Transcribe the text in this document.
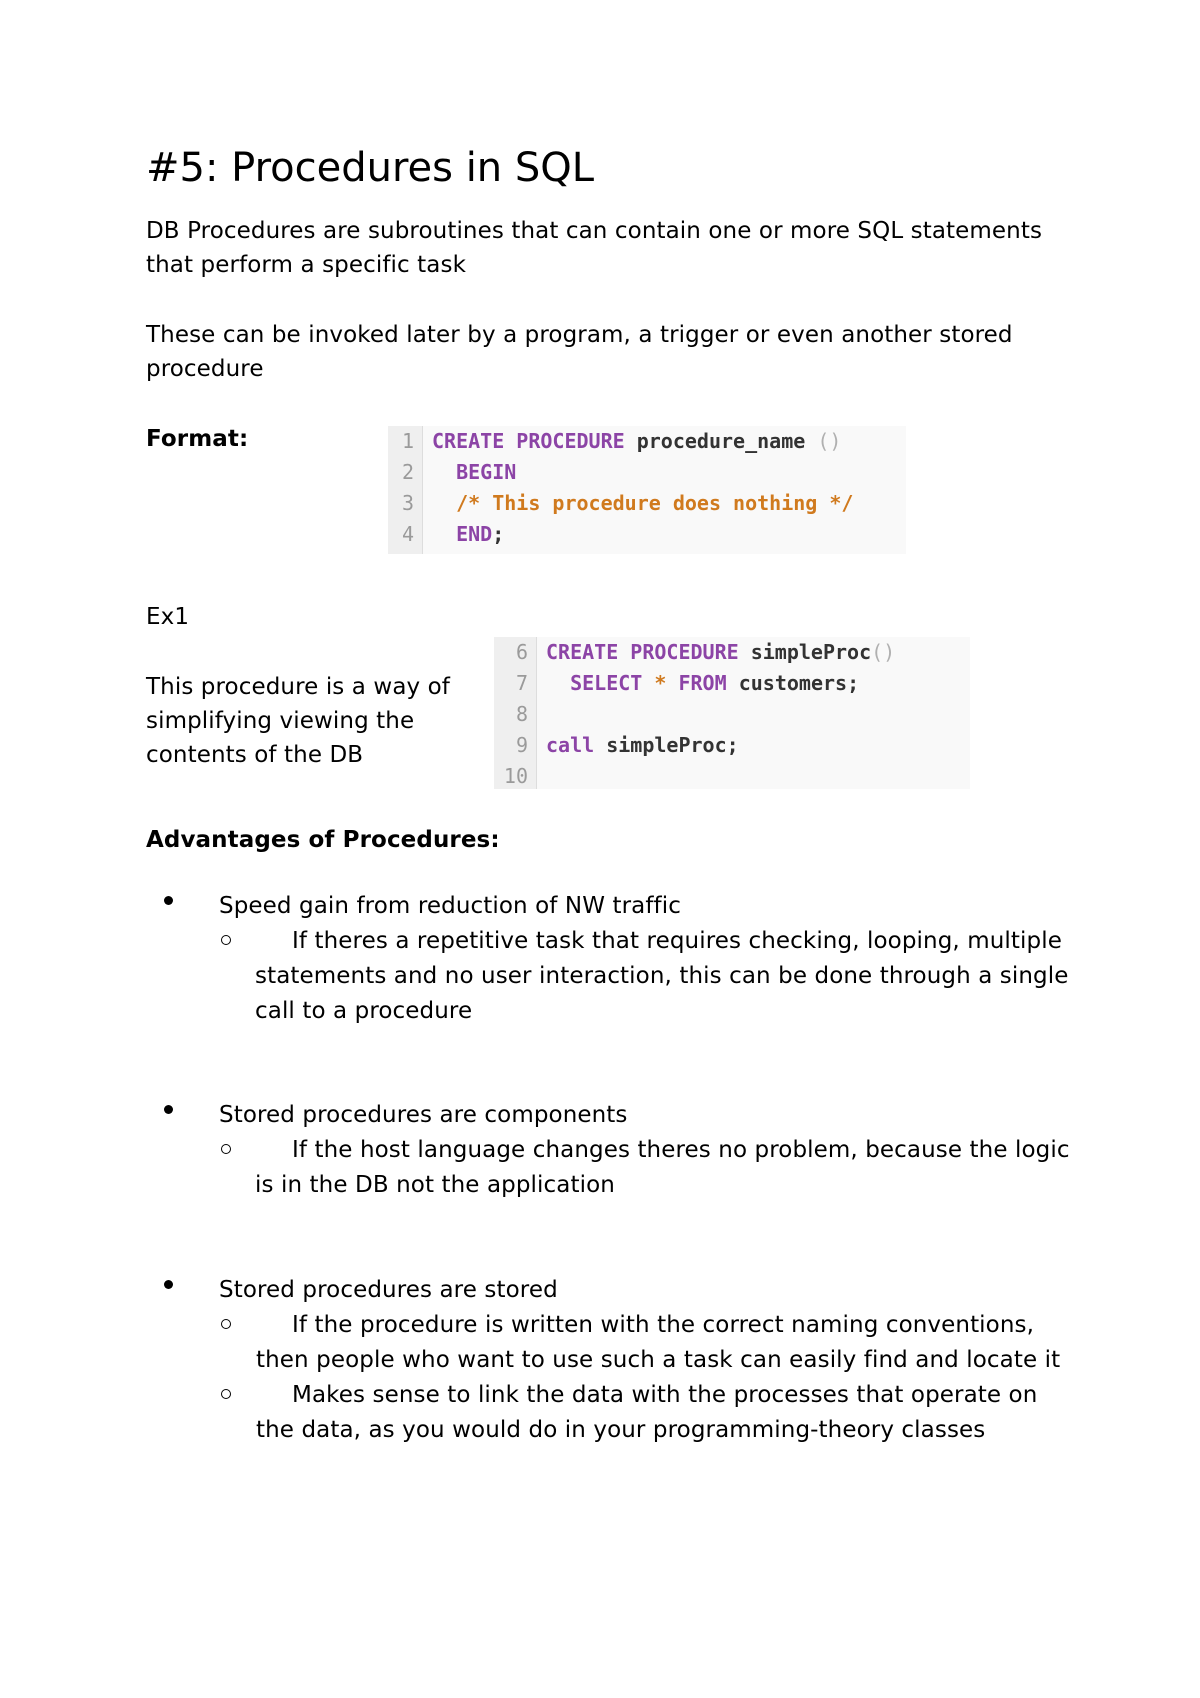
#5: Procedures in SQL
DB Procedures are subroutines that can contain one or more SQL statements
that perform a specific task
These can be invoked later by a program, a trigger or even another stored
procedure
Format:	1 CREATE PROCEDURE procedure_name ()
2	BEGIN
3	/* This procedure does nothing */
4	END;
Ex1
This procedure is a way of
simplifying viewing the
contents of the DB
6 CREATE PROCEDURE simpleProc()
7	SELECT * FROM customers;
8
9 call simpleProc;
10
Advantages of Procedures:
Speed gain from reduction of NW traffic
If theres a repetitive task that requires checking, looping, multiple
statements and no user interaction, this can be done through a single
call to a procedure
Stored procedures are components
If the host language changes theres no problem, because the logic
is in the DB not the application
Stored procedures are stored
If the procedure is written with the correct naming conventions,
then people who want to use such a task can easily find and locate it
Makes sense to link the data with the processes that operate on
the data, as you would do in your programming-theory classes
